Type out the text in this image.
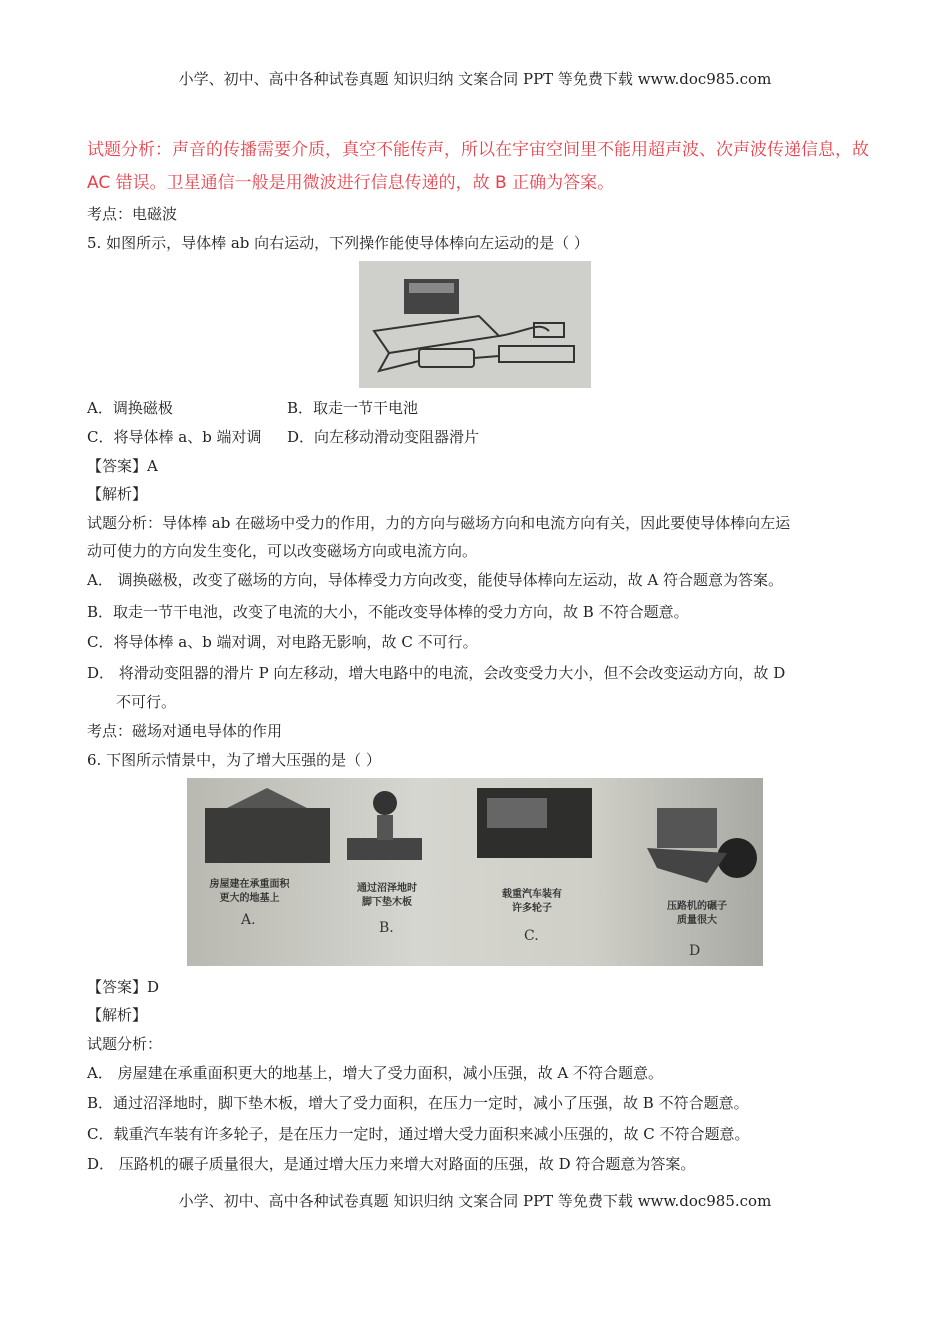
小学、初中、高中各种试卷真题 知识归纳 文案合同 PPT 等免费下载 www.doc985.com
试题分析：声音的传播需要介质，真空不能传声，所以在宇宙空间里不能用超声波、次声波传递信息，故
AC 错误。卫星通信一般是用微波进行信息传递的，故 B 正确为答案。
考点：电磁波
5. 如图所示，导体棒 ab 向右运动，下列操作能使导体棒向左运动的是（ ）
A．调换磁极	B．取走一节干电池
C．将导体棒 a、b 端对调 D．向左移动滑动变阻器滑片
【答案】A
【解析】
试题分析：导体棒 ab 在磁场中受力的作用，力的方向与磁场方向和电流方向有关，因此要使导体棒向左运
动可使力的方向发生变化，可以改变磁场方向或电流方向。
A． 调换磁极，改变了磁场的方向，导体棒受力方向改变，能使导体棒向左运动，故 A 符合题意为答案。
B．取走一节干电池，改变了电流的大小，不能改变导体棒的受力方向，故 B 不符合题意。
C．将导体棒 a、b 端对调，对电路无影响，故 C 不可行。
D． 将滑动变阻器的滑片 P 向左移动，增大电路中的电流，会改变受力大小，但不会改变运动方向，故 D
不可行。
考点：磁场对通电导体的作用
6. 下图所示情景中，为了增大压强的是（ ）
房屋建在承重面积
更大的地基上
A.
通过沼泽地时
脚下垫木板
B.
载重汽车装有
许多轮子
C.
压路机的碾子
质量很大
D
【答案】D
【解析】
试题分析：
A． 房屋建在承重面积更大的地基上，增大了受力面积，减小压强，故 A 不符合题意。
B．通过沼泽地时，脚下垫木板，增大了受力面积，在压力一定时，减小了压强，故 B 不符合题意。
C．载重汽车装有许多轮子，是在压力一定时，通过增大受力面积来减小压强的，故 C 不符合题意。
D． 压路机的碾子质量很大，是通过增大压力来增大对路面的压强，故 D 符合题意为答案。
小学、初中、高中各种试卷真题 知识归纳 文案合同 PPT 等免费下载 www.doc985.com
